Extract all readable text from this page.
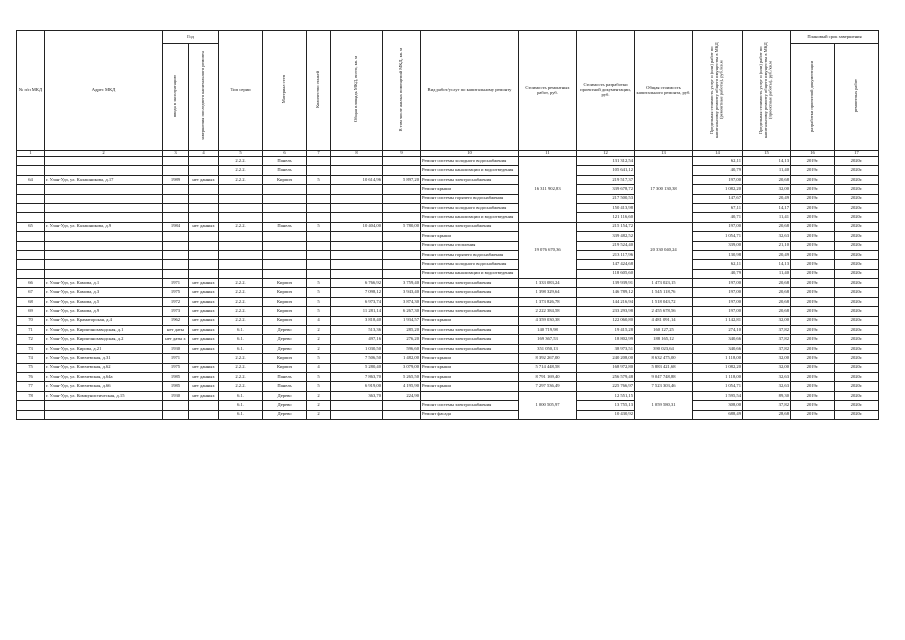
№ п/п МКД	Адрес МКД	Год		Тип серии	Материал стен	Количество этажей	Общая площадь МКД, всего, кв. м	В том числе жилых помещений МКД, кв. м	Вид работ/услуг по капитальному ремонту	Стоимость ремонтных работ, руб.	Стоимость разработки проектной документации, руб.	Общая стоимость капитального ремонта, руб.	Предельная стоимость услуг и (или) работ по капитальному ремонту общего имущества в МКД (ремонтные работы), руб./кв.м	Предельная стоимость услуг и (или) работ по капитальному ремонту общего имущества в МКД (проектные работы), руб./кв.м	Плановый срок завершения	
		ввода в эксплуатацию	завершения последнего капитального ремонта												разработки проектной документации	ремонтных работ
1	2	3	4	5	6	7	8	9	10	11	12	13	14	15	16	17
				2.2.2.	Панель				Ремонт системы холодного водоснабжения	16 311 902,83	131 312,54	17 300 130,38	62,11	14,13	2019г.	2020г.
				2.2.2.	Панель				Ремонт системы канализации и водоотведения		105 641,12		40,79	11,40	2019г.	2020г.
64	г. Улан-Удэ, ул. Калашникова, д.17	1989	нет данных	2.2.2.	Кирпич	5	10 614,96	5 897,20	Ремонт системы электроснабжения		219 517,37		197,00	20,68	2019г.	2020г.
									Ремонт крыши		339 678,72		1 082,20	32,00	2019г.	2020г.
									Ремонт системы горячего водоснабжения		217 500,53		147,67	20,49	2019г.	2020г.
									Ремонт системы холодного водоснабжения		150 413,98		67,11	14,17	2019г.	2020г.
									Ремонт системы канализации и водоотведения		121 116,60		40,71	11,41	2019г.	2020г.
65	г. Улан-Удэ, ул. Калашникова, д.9	1984	нет данных	2.2.2.	Панель	5	10 404,00	5 780,00	Ремонт системы электроснабжения	19 076 670,36	215 154,72	20 330 040,24	197,00	20,68	2019г.	2020г.
									Ремонт крыши		339 482,52		1 054,71	32,63	2019г.	2020г.
									Ремонт системы отопления		219 524,40		339,00	21,10	2019г.	2020г.
									Ремонт системы горячего водоснабжения		213 117,96		130,98	20,49	2019г.	2020г.
									Ремонт системы холодного водоснабжения		147 424,68		62,11	14,13	2019г.	2020г.
									Ремонт системы канализации и водоотведения		118 605,60		40,79	11,40	2019г.	2020г.
66	г. Улан-Удэ, ул. Камова, д.1	1971	нет данных	2.2.2.	Кирпич	5	6 766,92	3 759,40	Ремонт системы электроснабжения	1 333 083,24	139 939,91	1 473 023,15	197,00	20,68	2019г.	2020г.
67	г. Улан-Удэ, ул. Камова, д.3	1975	нет данных	2.2.2.	Кирпич	5	7 098,12	3 943,40	Ремонт системы электроснабжения	1 398 329,64	146 789,12	1 545 118,76	197,00	20,68	2019г.	2020г.
68	г. Улан-Удэ, ул. Камова, д.5	1972	нет данных	2.2.2.	Кирпич	5	6 973,74	3 874,30	Ремонт системы электроснабжения	1 373 826,78	144 216,94	1 518 043,72	197,00	20,68	2019г.	2020г.
69	г. Улан-Удэ, ул. Камова, д.9	1973	нет данных	2.2.2.	Кирпич	5	11 281,14	6 267,30	Ремонт системы электроснабжения	2 222 384,58	233 293,98	2 455 678,56	197,00	20,68	2019г.	2020г.
70	г. Улан-Удэ, ул. Краматорская, д.4	1962	нет данных	2.2.2.	Кирпич	4	3 818,40	1 934,57	Ремонт крыши	4 359 030,38	122 060,80	4 481 091,14	1 142,81	32,00	2019г.	2020г.
71	г. Улан-Удэ, ул. Кирпичнозаводская, д.1	нет даты	нет данных	6.1.	Дерево	2	513,36	285,20	Ремонт системы электроснабжения	140 719,98	19 415,28	160 127,25	274,10	37,82	2019г.	2020г.
72	г. Улан-Удэ, ул. Кирпичнозаводская, д.2	нет даты х	нет данных	6.1.	Дерево	2	497,16	276,20	Ремонт системы электроснабжения	169 367,53	18 802,99	188 165,12	340,66	37,82	2019г.	2020г.
73	г. Улан-Удэ, ул. Кирова, д.21	1930	нет данных	6.1.	Дерево	2	1 030,50	596,60	Ремонт системы электроснабжения	351 050,13	38 973,51	390 023,64	340,66	37,82	2019г.	2020г.
74	г. Улан-Удэ, ул. Ключевская, д.31	1971		2.2.2.	Кирпич	5	7 506,50	1 482,00	Ремонт крыши	8 392 267,00	240 208,00	8 632 475,00	1 118,00	32,00	2019г.	2020г.
75	г. Улан-Удэ, ул. Ключевская, д.62	1975	нет данных	2.2.2.	Кирпич	4	5 280,40	3 079,00	Ремонт крыши	5 714 448,58	168 972,80	5 883 421,68	1 082,20	32,00	2019г.	2020г.
76	г. Улан-Удэ, ул. Ключевская, д.64а	1985	нет данных	2.2.2.	Панель	5	7 863,70	5 265,50	Ремонт крыши	8 791 169,40	256 579,48	9 047 748,88	1 118,00	32,63	2019г.	2020г.
77	г. Улан-Удэ, ул. Ключевская, д.66	1985	нет данных	2.2.2.	Панель	5	6 919,00	4 195,90	Ремонт крыши	7 297 536,49	225 766,97	7 523 303,46	1 054,71	32,63	2019г.	2020г.
78	г. Улан-Удэ, ул. Коммунистическая, д.15	1930	нет данных	6.1.	Дерево	2	363,70	224,90		1 000 505,97	12 551,15	1 059 580,31	1 595,54	89,30	2019г.	2020г.
				6.1.	Дерево	2			Ремонт системы электроснабжения		13 755,13		308,00	37,82	2019г.	2020г.
				6.1.	Дерево	2			Ремонт фасада		10 430,92		688,49	28,68	2019г.	2020г.
